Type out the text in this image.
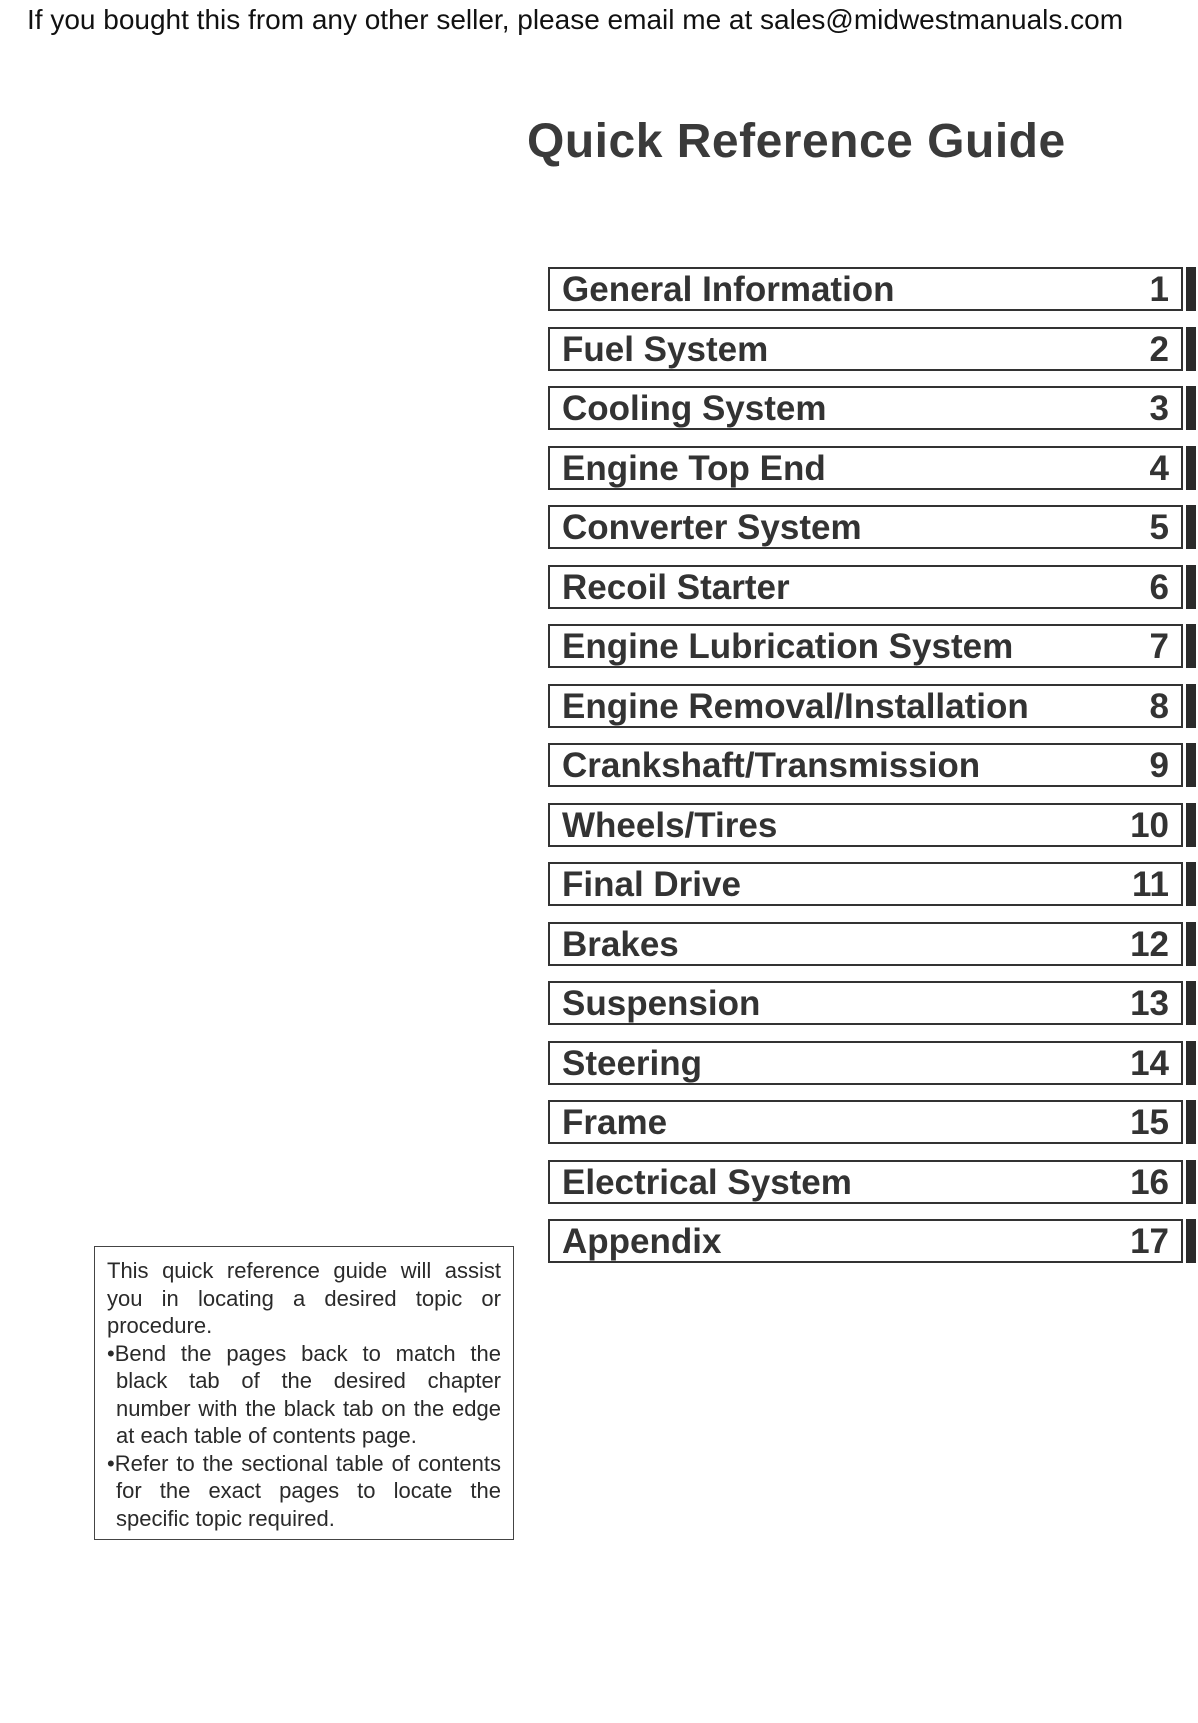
If you bought this from any other seller, please email me at sales@midwestmanuals.com
Quick Reference Guide
General Information	1
Fuel System	2
Cooling System	3
Engine Top End	4
Converter System	5
Recoil Starter	6
Engine Lubrication System	7
Engine Removal/Installation	8
Crankshaft/Transmission	9
Wheels/Tires	10
Final Drive	11
Brakes	12
Suspension	13
Steering	14
Frame	15
Electrical System	16
Appendix	17

This quick reference guide will assist you in locating a desired topic or procedure.

•Bend the pages back to match the black tab of the desired chapter number with the black tab on the edge at each table of contents page.

•Refer to the sectional table of contents for the exact pages to locate the specific topic required.
